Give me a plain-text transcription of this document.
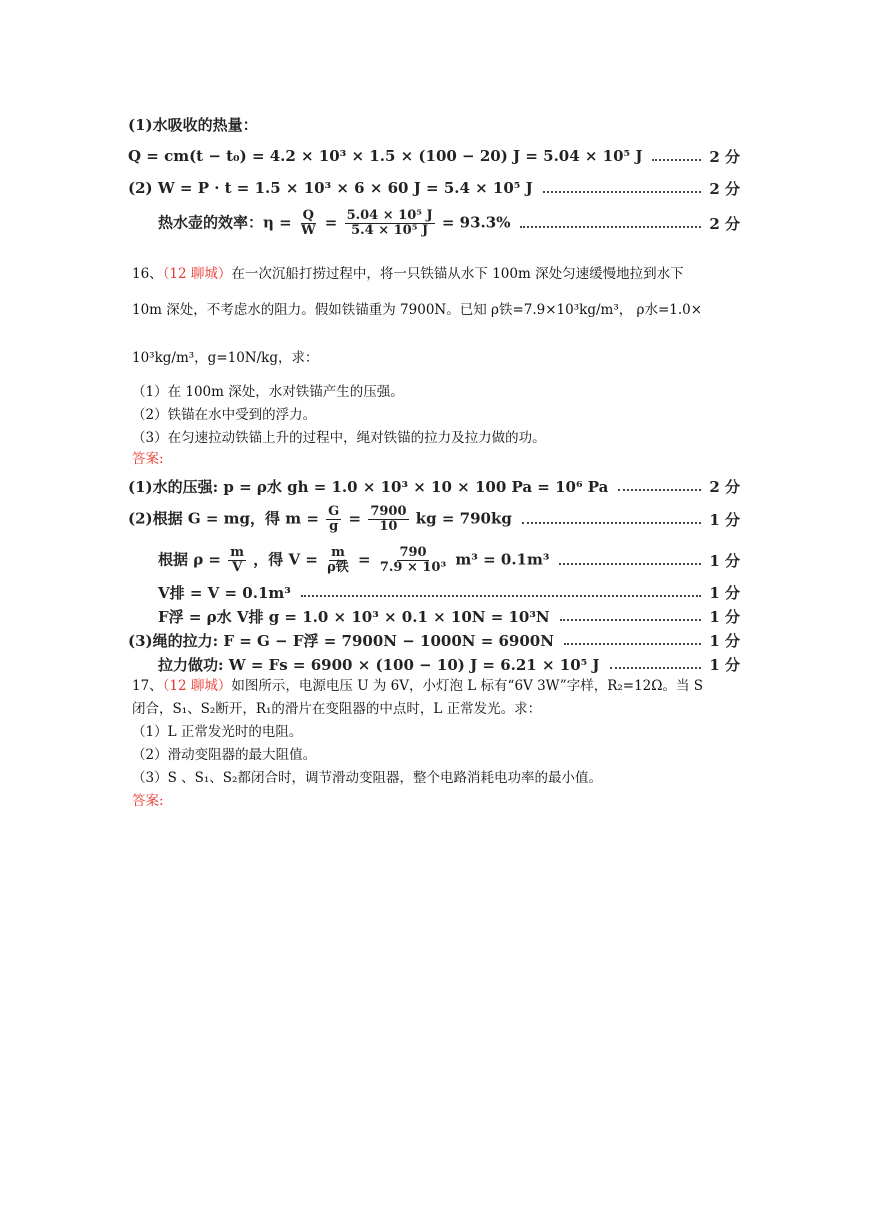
(1)水吸收的热量：
Q = cm(t − t₀) = 4.2 × 10³ × 1.5 × (100 − 20) J = 5.04 × 10⁵ J	2 分
(2) W = P · t = 1.5 × 10³ × 6 × 60 J = 5.4 × 10⁵ J	2 分
热水壶的效率：$\eta = \frac{Q}{W} = \frac{\text{5.04 × 10⁵ J}}{\text{5.4 × 10⁵ J}} = 93.3\%$	2 分
16、（12 聊城）在一次沉船打捞过程中，将一只铁锚从水下 100m 深处匀速缓慢地拉到水下
10m 深处，不考虑水的阻力。假如铁锚重为 7900N。已知 ρ铁=7.9×10³kg/m³， ρ水=1.0×
10³kg/m³，g=10N/kg，求：
（1）在 100m 深处，水对铁锚产生的压强。
（2）铁锚在水中受到的浮力。
（3）在匀速拉动铁锚上升的过程中，绳对铁锚的拉力及拉力做的功。
答案:
(1)水的压强: p = ρ水 gh = 1.0 × 10³ × 10 × 100 Pa = 10⁶ Pa	2 分
(2)根据 G = mg，得 $m = \frac{G}{g} = \frac{7900}{10}$ kg = 790kg	1 分
根据 $\rho = \frac{m}{V}$ ，得 $V = \frac{m}{\text{ρ铁}} = \frac{790}{\text{7.9 × 10³}} m^3 = 0.1m^3$	1 分
V排 = V = 0.1m³	1 分
F浮 = ρ水 V排 g = 1.0 × 10³ × 0.1 × 10N = 10³N	1 分
(3)绳的拉力: F = G − F浮 = 7900N − 1000N = 6900N	1 分
拉力做功: W = Fs = 6900 × (100 − 10) J = 6.21 × 10⁵ J	1 分
17、（12 聊城）如图所示，电源电压 U 为 6V，小灯泡 L 标有“6V 3W”字样，R₂=12Ω。当 S
闭合，S₁、S₂断开，R₁的滑片在变阻器的中点时，L 正常发光。求：
（1）L 正常发光时的电阻。
（2）滑动变阻器的最大阻值。
（3）S 、S₁、S₂都闭合时，调节滑动变阻器，整个电路消耗电功率的最小值。
答案:
